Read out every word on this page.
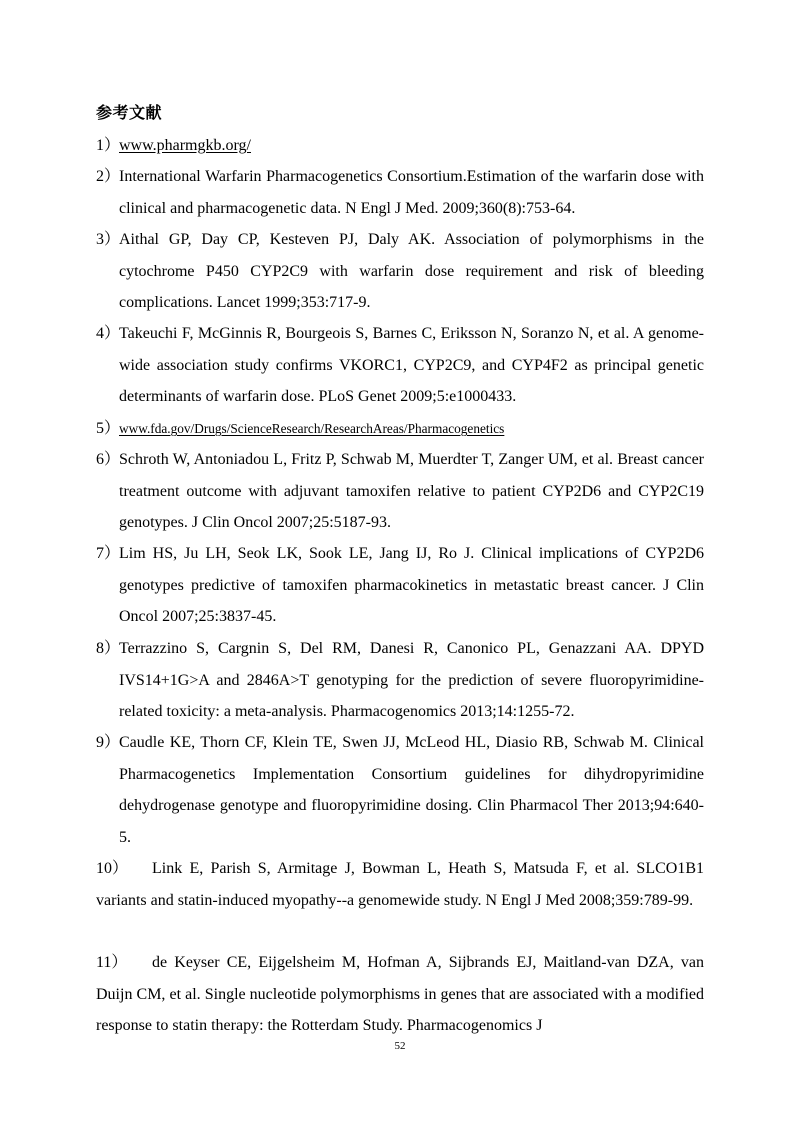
参考文献
1）
www.pharmgkb.org/
2）
International Warfarin Pharmacogenetics Consortium.Estimation of the warfarin dose with clinical and pharmacogenetic data. N Engl J Med. 2009;360(8):753-64.
3）
Aithal GP, Day CP, Kesteven PJ, Daly AK. Association of polymorphisms in the cytochrome P450 CYP2C9 with warfarin dose requirement and risk of bleeding complications. Lancet 1999;353:717-9.
4）
Takeuchi F, McGinnis R, Bourgeois S, Barnes C, Eriksson N, Soranzo N, et al. A genome-wide association study confirms VKORC1, CYP2C9, and CYP4F2 as principal genetic determinants of warfarin dose. PLoS Genet 2009;5:e1000433.
5）
www.fda.gov/Drugs/ScienceResearch/ResearchAreas/Pharmacogenetics
6）
Schroth W, Antoniadou L, Fritz P, Schwab M, Muerdter T, Zanger UM, et al. Breast cancer treatment outcome with adjuvant tamoxifen relative to patient CYP2D6 and CYP2C19 genotypes. J Clin Oncol 2007;25:5187-93.
7）
Lim HS, Ju LH, Seok LK, Sook LE, Jang IJ, Ro J. Clinical implications of CYP2D6 genotypes predictive of tamoxifen pharmacokinetics in metastatic breast cancer. J Clin Oncol 2007;25:3837-45.
8）
Terrazzino S, Cargnin S, Del RM, Danesi R, Canonico PL, Genazzani AA. DPYD IVS14+1G>A and 2846A>T genotyping for the prediction of severe fluoropyrimidine-related toxicity: a meta-analysis. Pharmacogenomics 2013;14:1255-72.
9）
Caudle KE, Thorn CF, Klein TE, Swen JJ, McLeod HL, Diasio RB, Schwab M. Clinical Pharmacogenetics Implementation Consortium guidelines for dihydropyrimidine dehydrogenase genotype and fluoropyrimidine dosing. Clin Pharmacol Ther 2013;94:640-5.
10）	Link E, Parish S, Armitage J, Bowman L, Heath S, Matsuda F, et al. SLCO1B1 variants and statin-induced myopathy--a genomewide study. N Engl J Med 2008;359:789-99.
11）	de Keyser CE, Eijgelsheim M, Hofman A, Sijbrands EJ, Maitland-van DZA, van Duijn CM, et al. Single nucleotide polymorphisms in genes that are associated with a modified response to statin therapy: the Rotterdam Study. Pharmacogenomics J
52
